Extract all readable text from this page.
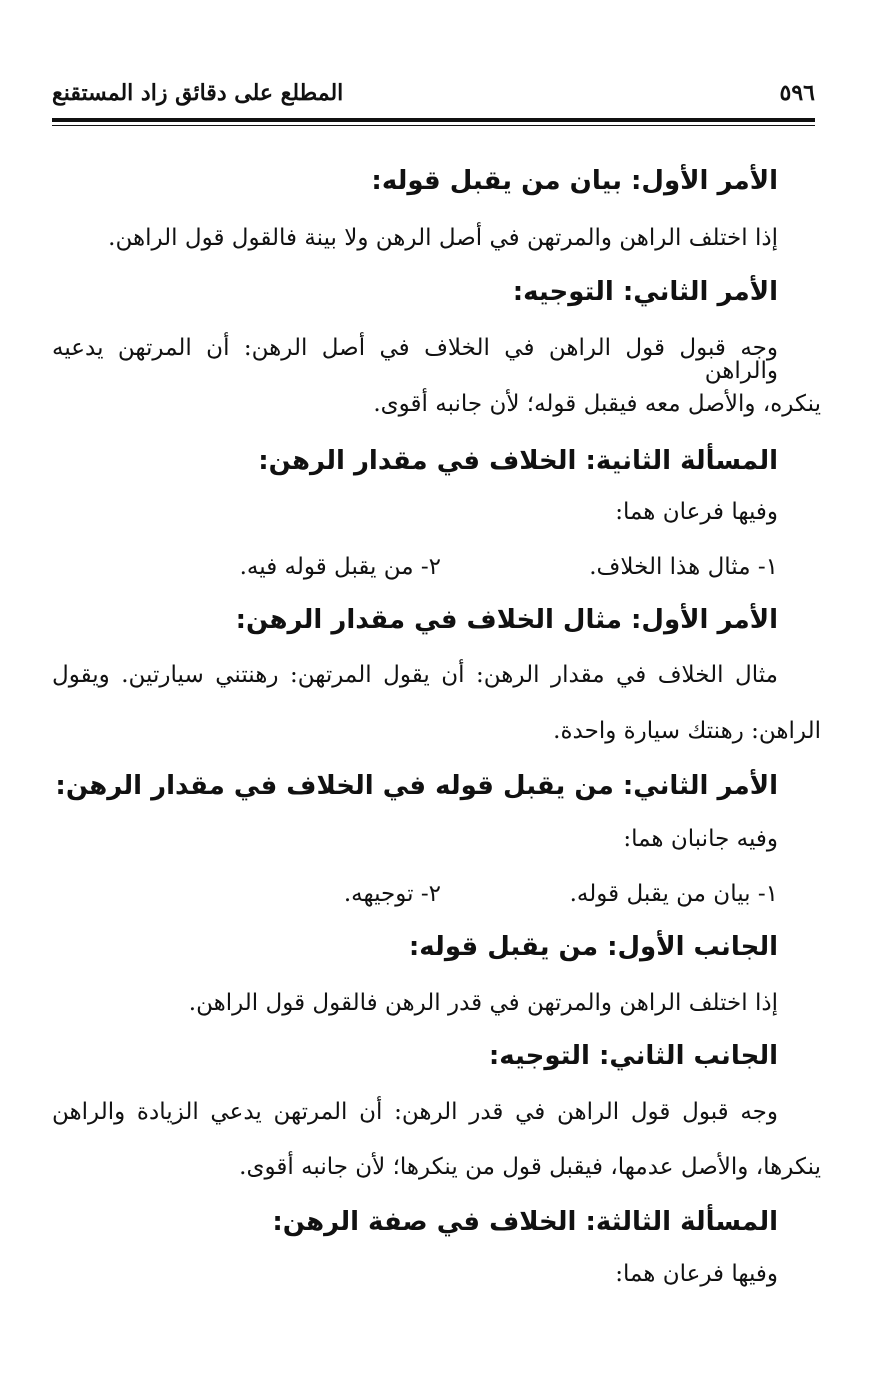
المطلع على دقائق زاد المستقنع	٥٩٦
الأمر الأول: بيان من يقبل قوله:
إذا اختلف الراهن والمرتهن في أصل الرهن ولا بينة فالقول قول الراهن.
الأمر الثاني: التوجيه:
وجه قبول قول الراهن في الخلاف في أصل الرهن: أن المرتهن يدعيه والراهن
ينكره، والأصل معه فيقبل قوله؛ لأن جانبه أقوى.
المسألة الثانية: الخلاف في مقدار الرهن:
وفيها فرعان هما:
١- مثال هذا الخلاف.
٢- من يقبل قوله فيه.
الأمر الأول: مثال الخلاف في مقدار الرهن:
مثال الخلاف في مقدار الرهن: أن يقول المرتهن: رهنتني سيارتين. ويقول
الراهن: رهنتك سيارة واحدة.
الأمر الثاني: من يقبل قوله في الخلاف في مقدار الرهن:
وفيه جانبان هما:
١- بيان من يقبل قوله.
٢- توجيهه.
الجانب الأول: من يقبل قوله:
إذا اختلف الراهن والمرتهن في قدر الرهن فالقول قول الراهن.
الجانب الثاني: التوجيه:
وجه قبول قول الراهن في قدر الرهن: أن المرتهن يدعي الزيادة والراهن
ينكرها، والأصل عدمها، فيقبل قول من ينكرها؛ لأن جانبه أقوى.
المسألة الثالثة: الخلاف في صفة الرهن:
وفيها فرعان هما:
